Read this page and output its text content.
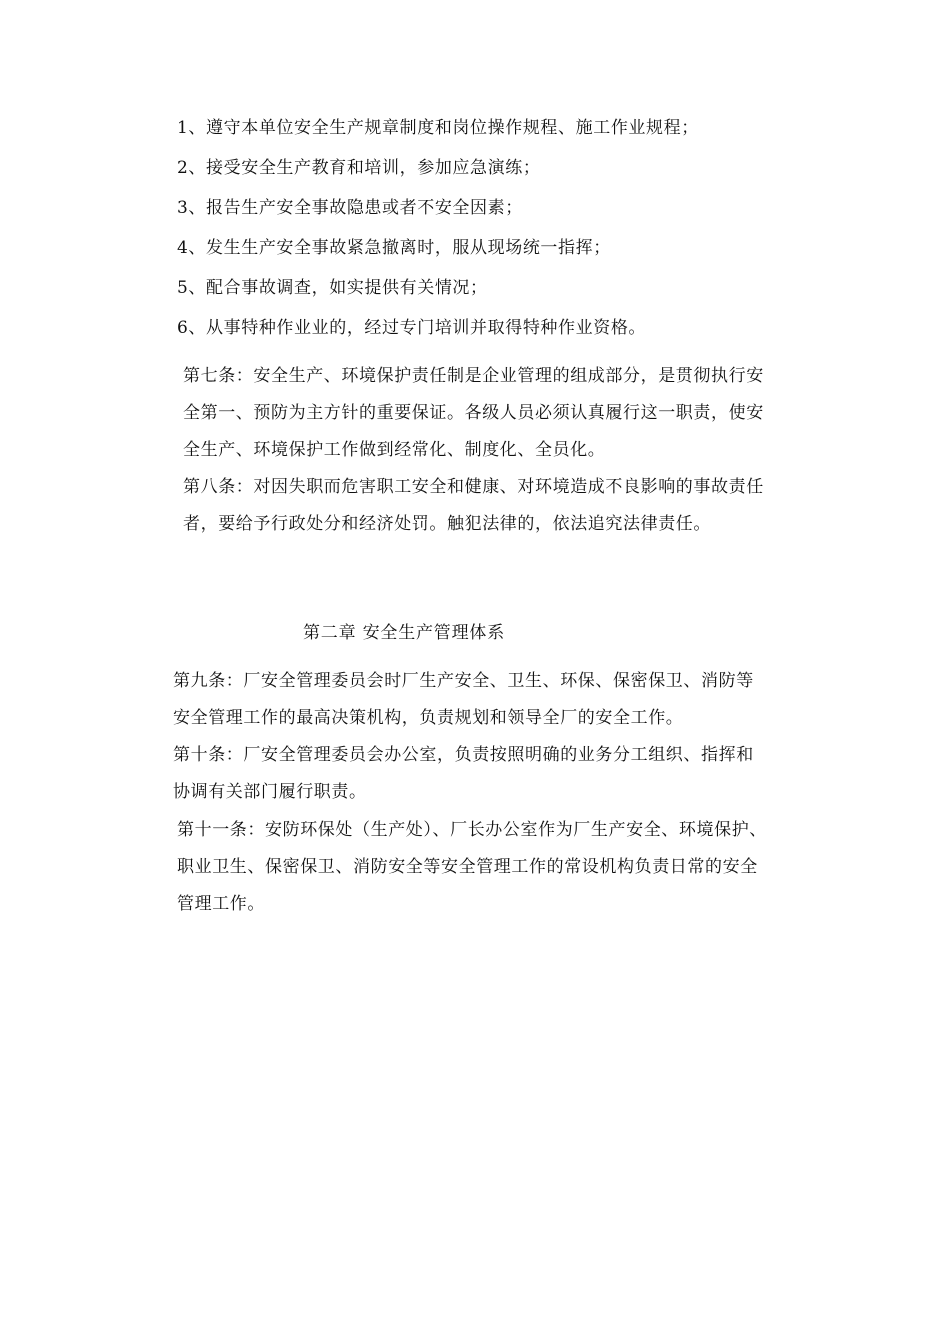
1、遵守本单位安全生产规章制度和岗位操作规程、施工作业规程；
2、接受安全生产教育和培训，参加应急演练；
3、报告生产安全事故隐患或者不安全因素；
4、发生生产安全事故紧急撤离时，服从现场统一指挥；
5、配合事故调查，如实提供有关情况；
6、从事特种作业业的，经过专门培训并取得特种作业资格。
第七条：安全生产、环境保护责任制是企业管理的组成部分，是贯彻执行安
全第一、预防为主方针的重要保证。各级人员必须认真履行这一职责，使安
全生产、环境保护工作做到经常化、制度化、全员化。
第八条：对因失职而危害职工安全和健康、对环境造成不良影响的事故责任
者，要给予行政处分和经济处罚。触犯法律的，依法追究法律责任。
第二章 安全生产管理体系
第九条：厂安全管理委员会时厂生产安全、卫生、环保、保密保卫、消防等
安全管理工作的最高决策机构，负责规划和领导全厂的安全工作。
第十条：厂安全管理委员会办公室，负责按照明确的业务分工组织、指挥和
协调有关部门履行职责。
第十一条：安防环保处（生产处）、厂长办公室作为厂生产安全、环境保护、
职业卫生、保密保卫、消防安全等安全管理工作的常设机构负责日常的安全
管理工作。
